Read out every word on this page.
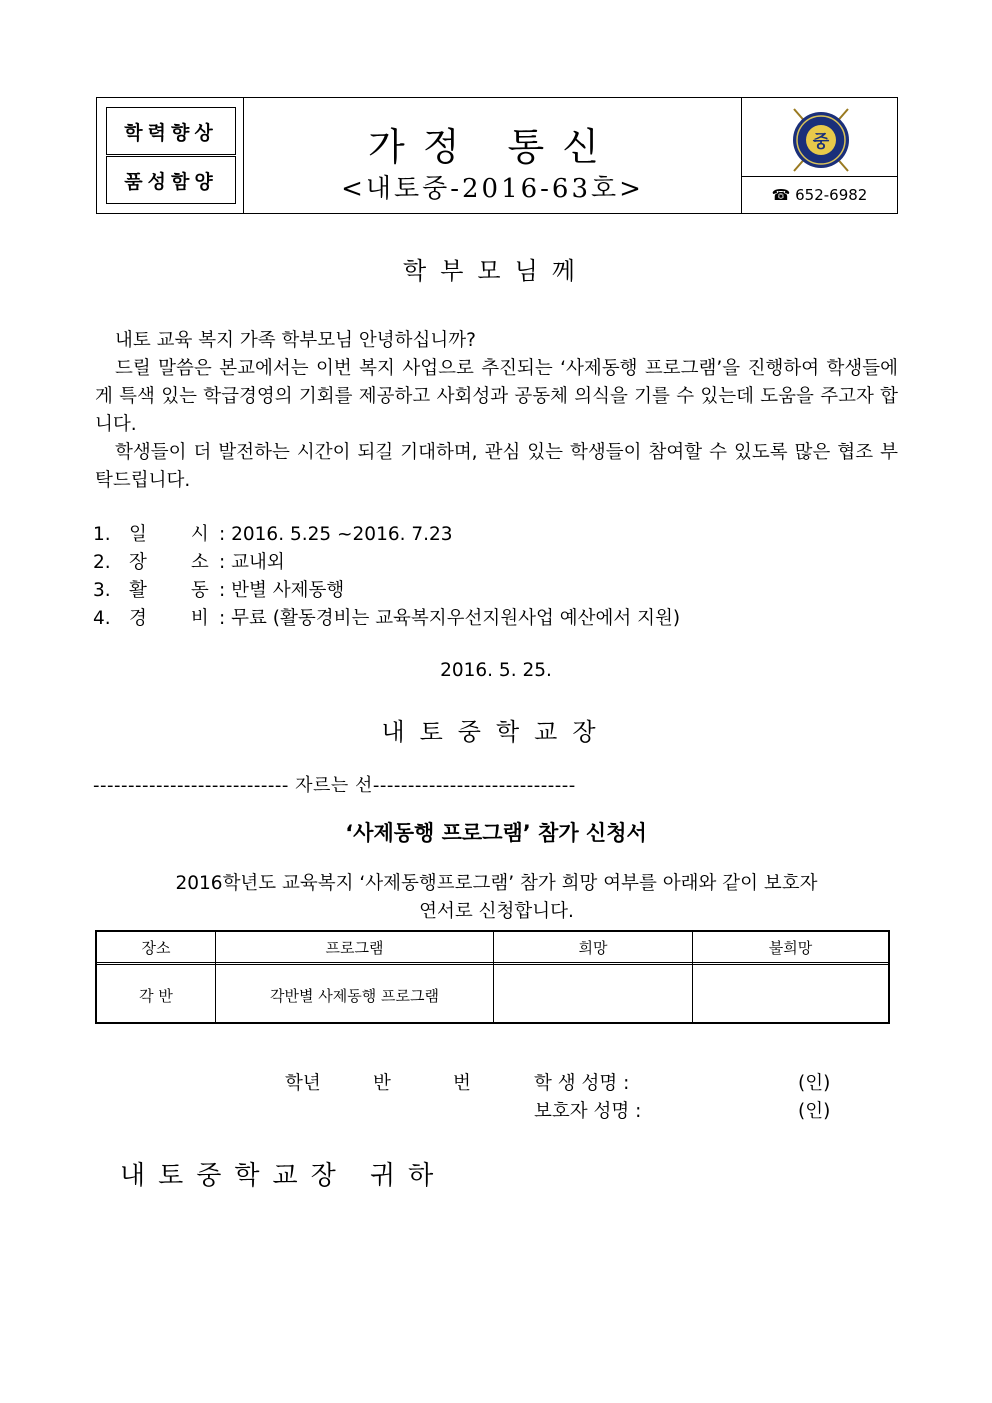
학력향상
품성함양
가정 통신
<내토중-2016-63호>
중
☎ 652-6982
학부모님께
내토 교육 복지 가족 학부모님 안녕하십니까?
드릴 말씀은 본교에서는 이번 복지 사업으로 추진되는 ‘사제동행 프로그램’을 진행하여 학생들에게 특색 있는 학급경영의 기회를 제공하고 사회성과 공동체 의식을 기를 수 있는데 도움을 주고자 합니다.
학생들이 더 발전하는 시간이 되길 기대하며, 관심 있는 학생들이 참여할 수 있도록 많은 협조 부탁드립니다.
1. 일 시 : 2016. 5.25 ~2016. 7.23
2. 장 소 : 교내외
3. 활 동 : 반별 사제동행
4. 경 비 : 무료 (활동경비는 교육복지우선지원사업 예산에서 지원)
2016. 5. 25.
내토중학교장
---------------------------- 자르는 선-----------------------------
‘사제동행 프로그램’ 참가 신청서
2016학년도 교육복지 ‘사제동행프로그램’ 참가 희망 여부를 아래와 같이 보호자
연서로 신청합니다.
장소	프로그램	희망	불희망
각 반	각반별 사제동행 프로그램
학년	반	번	학 생 성명 :	(인)
보호자 성명 :	(인)
내토중학교장 귀하
